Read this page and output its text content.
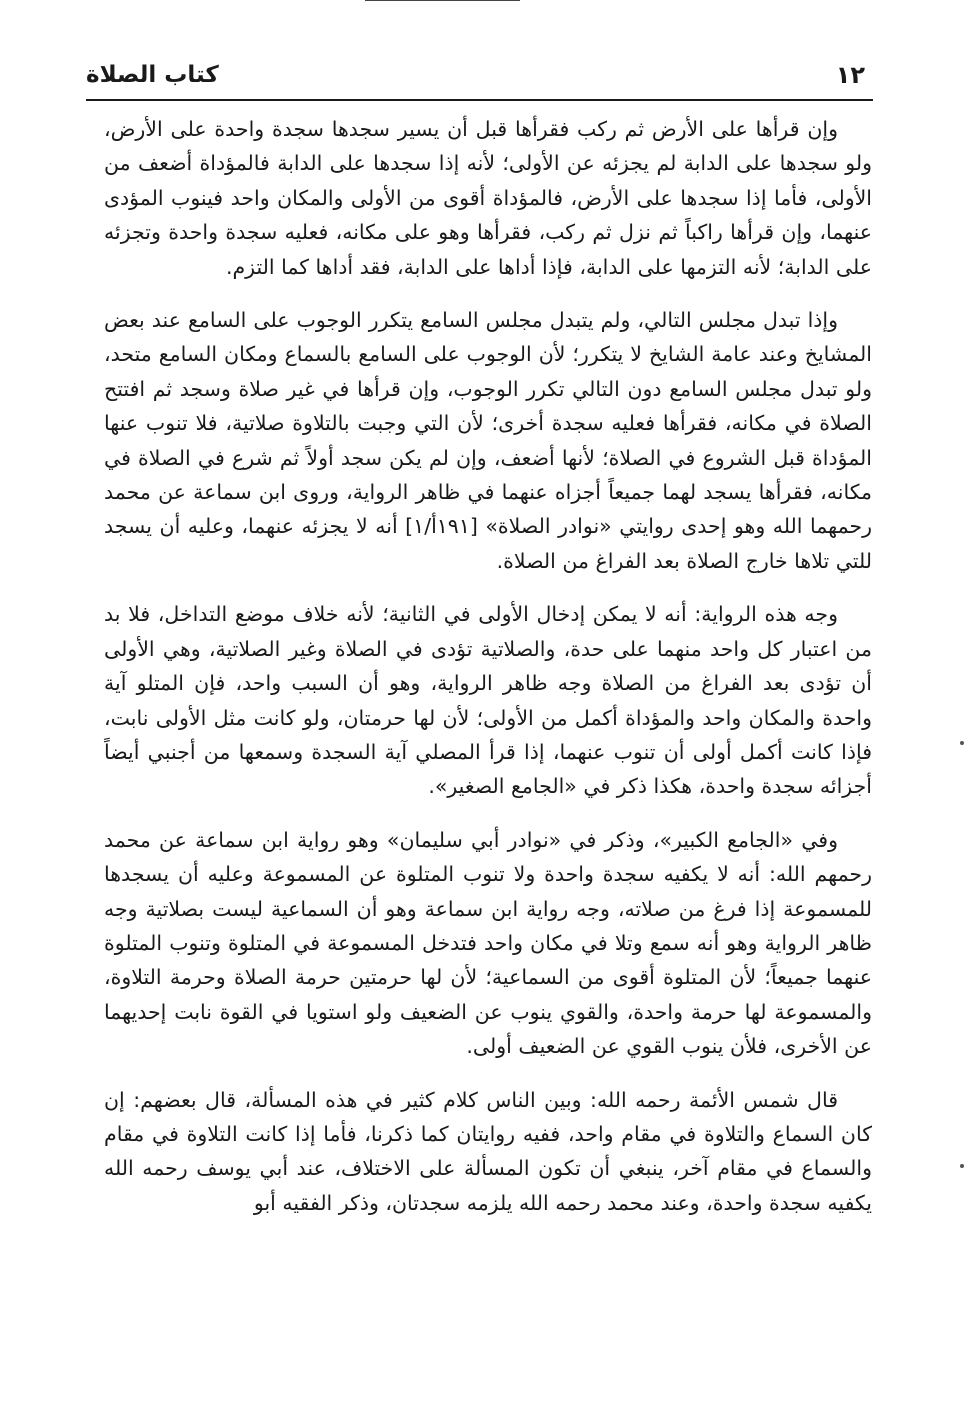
١٢
كتاب الصلاة

وإن قرأها على الأرض ثم ركب فقرأها قبل أن يسير سجدها سجدة واحدة على الأرض، ولو سجدها على الدابة لم يجزئه عن الأولى؛ لأنه إذا سجدها على الدابة فالمؤداة أضعف من الأولى، فأما إذا سجدها على الأرض، فالمؤداة أقوى من الأولى والمكان واحد فينوب المؤدى عنهما، وإن قرأها راكباً ثم نزل ثم ركب، فقرأها وهو على مكانه، فعليه سجدة واحدة وتجزئه على الدابة؛ لأنه التزمها على الدابة، فإذا أداها على الدابة، فقد أداها كما التزم.

وإذا تبدل مجلس التالي، ولم يتبدل مجلس السامع يتكرر الوجوب على السامع عند بعض المشايخ وعند عامة الشايخ لا يتكرر؛ لأن الوجوب على السامع بالسماع ومكان السامع متحد، ولو تبدل مجلس السامع دون التالي تكرر الوجوب، وإن قرأها في غير صلاة وسجد ثم افتتح الصلاة في مكانه، فقرأها فعليه سجدة أخرى؛ لأن التي وجبت بالتلاوة صلاتية، فلا تنوب عنها المؤداة قبل الشروع في الصلاة؛ لأنها أضعف، وإن لم يكن سجد أولاً ثم شرع في الصلاة في مكانه، فقرأها يسجد لهما جميعاً أجزاه عنهما في ظاهر الرواية، وروى ابن سماعة عن محمد رحمهما الله وهو إحدى روايتي «نوادر الصلاة» [١٩١أ/١] أنه لا يجزئه عنهما، وعليه أن يسجد للتي تلاها خارج الصلاة بعد الفراغ من الصلاة.

وجه هذه الرواية: أنه لا يمكن إدخال الأولى في الثانية؛ لأنه خلاف موضع التداخل، فلا بد من اعتبار كل واحد منهما على حدة، والصلاتية تؤدى في الصلاة وغير الصلاتية، وهي الأولى أن تؤدى بعد الفراغ من الصلاة وجه ظاهر الرواية، وهو أن السبب واحد، فإن المتلو آية واحدة والمكان واحد والمؤداة أكمل من الأولى؛ لأن لها حرمتان، ولو كانت مثل الأولى نابت، فإذا كانت أكمل أولى أن تنوب عنهما، إذا قرأ المصلي آية السجدة وسمعها من أجنبي أيضاً أجزائه سجدة واحدة، هكذا ذكر في «الجامع الصغير».

وفي «الجامع الكبير»، وذكر في «نوادر أبي سليمان» وهو رواية ابن سماعة عن محمد رحمهم الله: أنه لا يكفيه سجدة واحدة ولا تنوب المتلوة عن المسموعة وعليه أن يسجدها للمسموعة إذا فرغ من صلاته، وجه رواية ابن سماعة وهو أن السماعية ليست بصلاتية وجه ظاهر الرواية وهو أنه سمع وتلا في مكان واحد فتدخل المسموعة في المتلوة وتنوب المتلوة عنهما جميعاً؛ لأن المتلوة أقوى من السماعية؛ لأن لها حرمتين حرمة الصلاة وحرمة التلاوة، والمسموعة لها حرمة واحدة، والقوي ينوب عن الضعيف ولو استويا في القوة نابت إحديهما عن الأخرى، فلأن ينوب القوي عن الضعيف أولى.

قال شمس الأئمة رحمه الله: وبين الناس كلام كثير في هذه المسألة، قال بعضهم: إن كان السماع والتلاوة في مقام واحد، ففيه روايتان كما ذكرنا، فأما إذا كانت التلاوة في مقام والسماع في مقام آخر، ينبغي أن تكون المسألة على الاختلاف، عند أبي يوسف رحمه الله يكفيه سجدة واحدة، وعند محمد رحمه الله يلزمه سجدتان، وذكر الفقيه أبو
